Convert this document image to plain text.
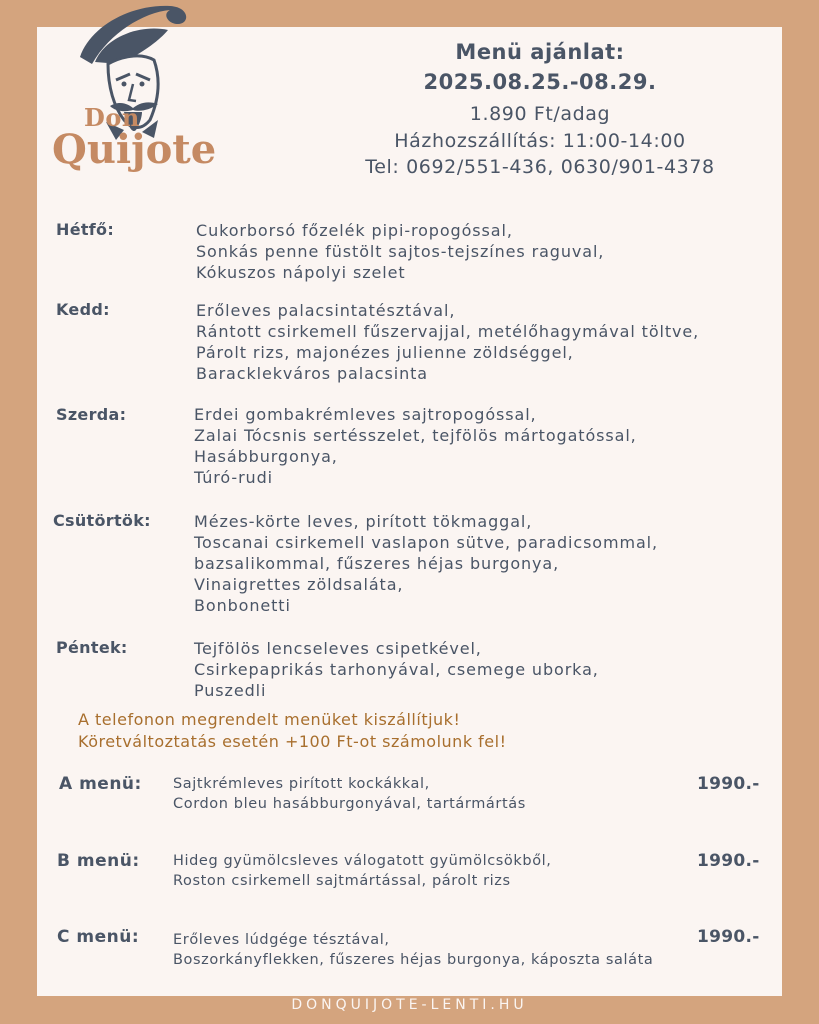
Don
Quijote
Menü ajánlat:
2025.08.25.-08.29.
1.890 Ft/adag
Házhozszállítás: 11:00-14:00
Tel: 0692/551-436, 0630/901-4378
Hétfő:	Cukorborsó főzelék pipi-ropogóssal,
Sonkás penne füstölt sajtos-tejszínes raguval,
Kókuszos nápolyi szelet
Kedd:	Erőleves palacsintatésztával,
Rántott csirkemell fűszervajjal, metélőhagymával töltve,
Párolt rizs, majonézes julienne zöldséggel,
Baracklekváros palacsinta
Szerda:	Erdei gombakrémleves sajtropogóssal,
Zalai Tócsnis sertésszelet, tejfölös mártogatóssal,
Hasábburgonya,
Túró-rudi
Csütörtök:	Mézes-körte leves, pirított tökmaggal,
Toscanai csirkemell vaslapon sütve, paradicsommal,
bazsalikommal, fűszeres héjas burgonya,
Vinaigrettes zöldsaláta,
Bonbonetti
Péntek:	Tejfölös lencseleves csipetkével,
Csirkepaprikás tarhonyával, csemege uborka,
Puszedli
A telefonon megrendelt menüket kiszállítjuk!
Köretváltoztatás esetén +100 Ft-ot számolunk fel!
A menü: Sajtkrémleves pirított kockákkal,
Cordon bleu hasábburgonyával, tartármártás
1990.-
B menü: Hideg gyümölcsleves válogatott gyümölcsökből,
Roston csirkemell sajtmártással, párolt rizs
1990.-
C menü: Erőleves lúdgége tésztával,
Boszorkányflekken, fűszeres héjas burgonya, káposzta saláta
1990.-
DONQUIJOTE-LENTI.HU
